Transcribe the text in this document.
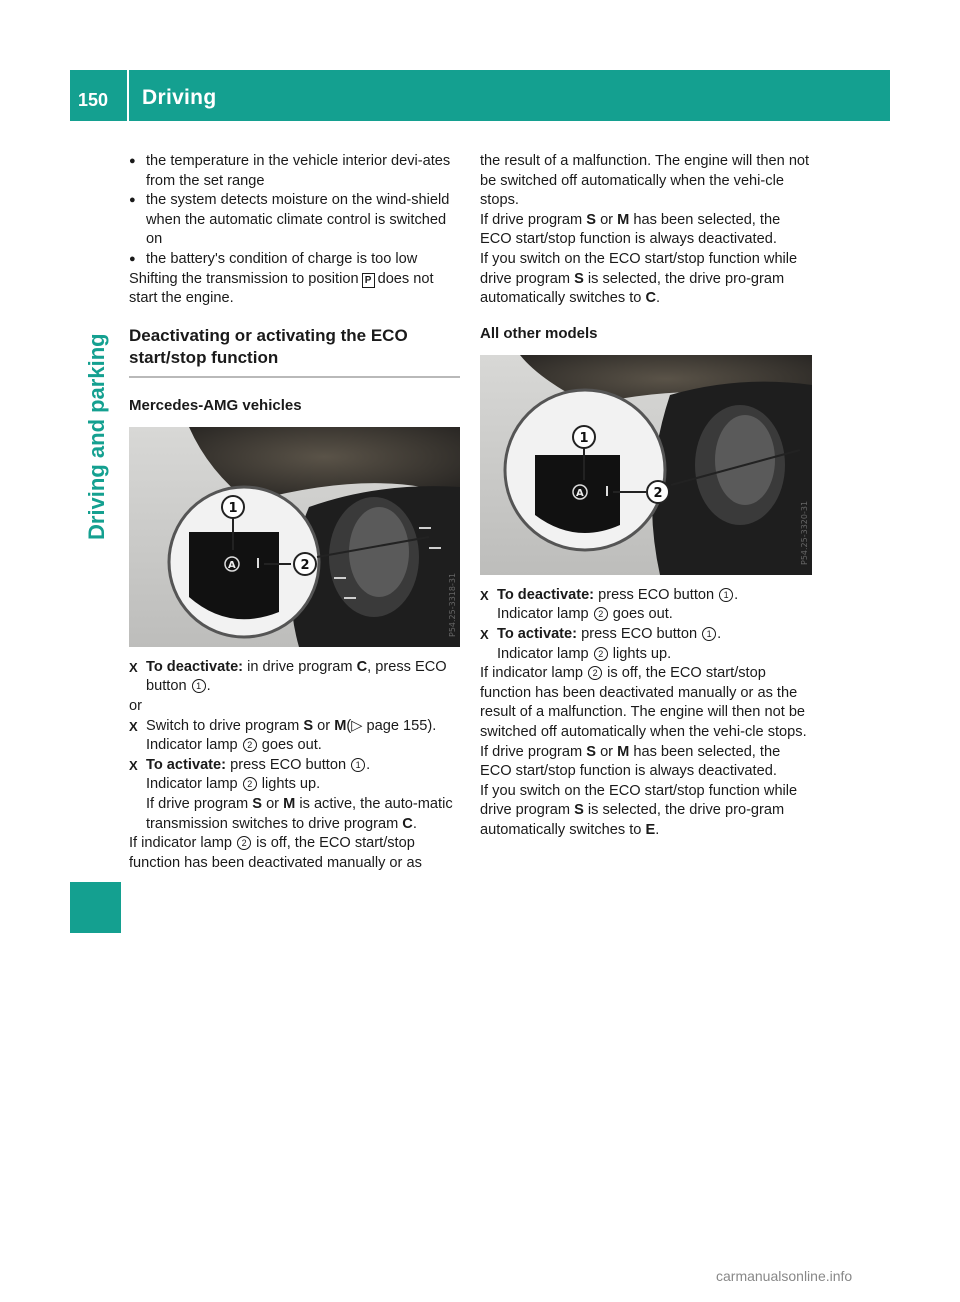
150 Driving
Driving and parking

● the temperature in the vehicle interior devi-ates from the set range

● the system detects moisture on the wind-shield when the automatic climate control is switched on

● the battery's condition of charge is too low

Shifting the transmission to position P does not start the engine.

Deactivating or activating the ECO start/stop function
Mercedes-AMG vehicles
A
1
2
P54.25-3318-31

X To deactivate: in drive program C, press ECO button 1 .

or

X Switch to drive program S or M(▷ page 155).
Indicator lamp 2 goes out.

X To activate: press ECO button 1 .
Indicator lamp 2 lights up.
If drive program S or M is active, the auto-matic transmission switches to drive program C.

If indicator lamp 2 is off, the ECO start/stop function has been deactivated manually or as

the result of a malfunction. The engine will then not be switched off automatically when the vehi-cle stops.

If drive program S or M has been selected, the ECO start/stop function is always deactivated.

If you switch on the ECO start/stop function while drive program S is selected, the drive pro-gram automatically switches to C.

All other models
A
1
2
P54.25-3320-31

X To deactivate: press ECO button 1 .
Indicator lamp 2 goes out.

X To activate: press ECO button 1 .
Indicator lamp 2 lights up.

If indicator lamp 2 is off, the ECO start/stop function has been deactivated manually or as the result of a malfunction. The engine will then not be switched off automatically when the vehi-cle stops.

If drive program S or M has been selected, the ECO start/stop function is always deactivated.

If you switch on the ECO start/stop function while drive program S is selected, the drive pro-gram automatically switches to E.

carmanualsonline.info
